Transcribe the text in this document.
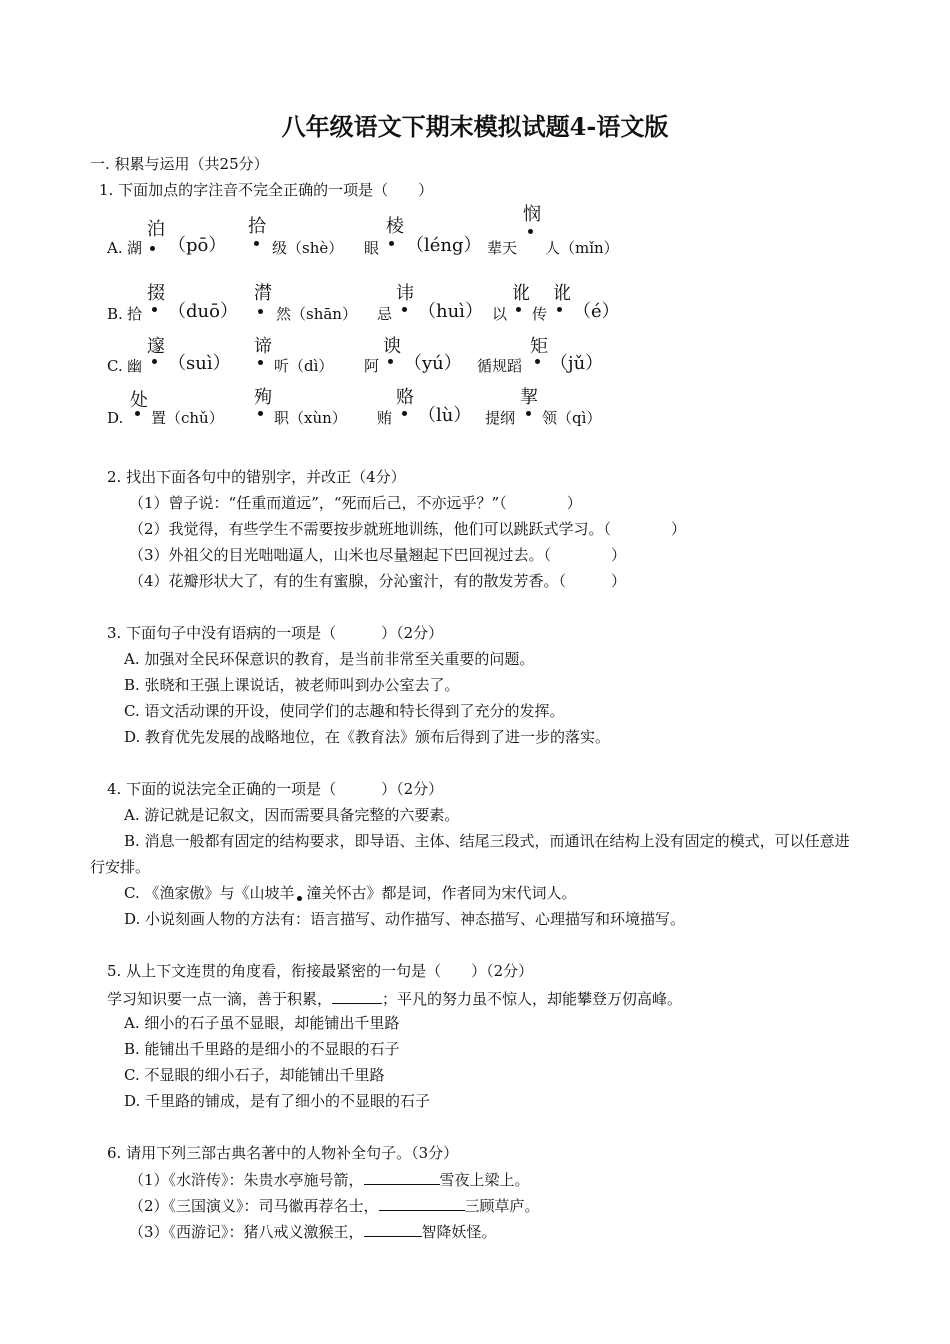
八年级语文下期末模拟试题4-语文版
一. 积累与运用（共25分）
1. 下面加点的字注音不完全正确的一项是（　　）
泊	拾	棱
悯
A. 湖 （pō）	级（shè） 眼 （léng） 辈天 人（mǐn）
掇	潸	讳	讹 讹
B. 拾 （duō）	然（shān） 忌 （huì） 以 传 （é）
邃	谛	谀	矩
C. 幽 （suì）	听（dì） 阿 （yú） 循规蹈 （jǔ）
处	殉	赂	挈
D. 置（chǔ）	职（xùn） 贿 （lù） 提纲 领（qì）
2. 找出下面各句中的错别字，并改正（4分）
（1）曾子说：“任重而道远”，“死而后己，不亦远乎？”（　　　　）
（2）我觉得，有些学生不需要按步就班地训练，他们可以跳跃式学习。（　　　　）
（3）外祖父的目光咄咄逼人，山米也尽量翘起下巴回视过去。（　　　　）
（4）花瓣形状大了，有的生有蜜腺，分沁蜜汁，有的散发芳香。（　　　）
3. 下面句子中没有语病的一项是（　　　）（2分）
A. 加强对全民环保意识的教育，是当前非常至关重要的问题。
B. 张晓和王强上课说话，被老师叫到办公室去了。
C. 语文活动课的开设，使同学们的志趣和特长得到了充分的发挥。
D. 教育优先发展的战略地位，在《教育法》颁布后得到了进一步的落实。
4. 下面的说法完全正确的一项是（　　　）（2分）
A. 游记就是记叙文，因而需要具备完整的六要素。
B. 消息一般都有固定的结构要求，即导语、主体、结尾三段式，而通讯在结构上没有固定的模式，可以任意进行安排。
C. 《渔家傲》与《山坡羊 潼关怀古》都是词，作者同为宋代词人。
D. 小说刻画人物的方法有：语言描写、动作描写、神态描写、心理描写和环境描写。
5. 从上下文连贯的角度看，衔接最紧密的一句是（　　）（2分）
学习知识要一点一滴，善于积累，	；平凡的努力虽不惊人，却能攀登万仞高峰。
A. 细小的石子虽不显眼，却能铺出千里路
B. 能铺出千里路的是细小的不显眼的石子
C. 不显眼的细小石子，却能铺出千里路
D. 千里路的铺成，是有了细小的不显眼的石子
6. 请用下列三部古典名著中的人物补全句子。（3分）
（1）《水浒传》：朱贵水亭施号箭，	雪夜上梁上。
（2）《三国演义》：司马徽再荐名士，	三顾草庐。
（3）《西游记》：猪八戒义激猴王，	智降妖怪。
